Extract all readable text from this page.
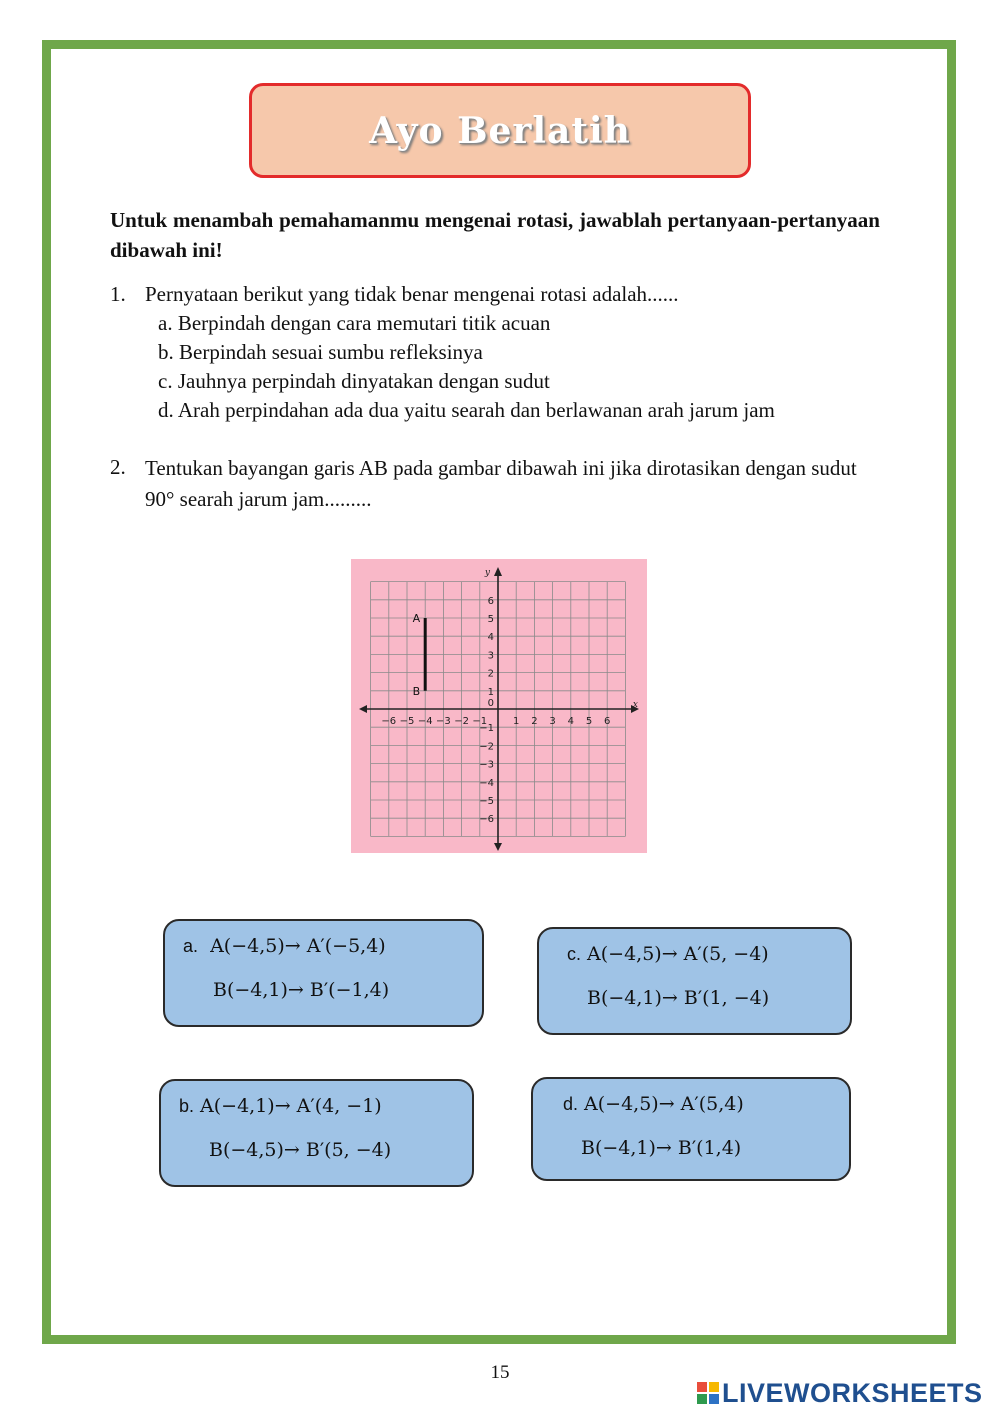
Ayo Berlatih

Untuk menambah pemahamanmu mengenai rotasi, jawablah pertanyaan-pertanyaan dibawah ini!

1. Pernyataan berikut yang tidak benar mengenai rotasi adalah......
a. Berpindah dengan cara memutari titik acuan
b. Berpindah sesuai sumbu refleksinya
c. Jauhnya perpindah dinyatakan dengan sudut
d. Arah perpindahan ada dua yaitu searah dan berlawanan arah jarum jam
2. Tentukan bayangan garis AB pada gambar dibawah ini jika dirotasikan dengan sudut 90° searah jarum jam.........
−6 −5 −4 −3 −2 −1	1 2 3 4 5 6
6
5
4
3
2
1
−1
−2
−3
−4
−5
−6
0	x
y
A
B
a. A(−4,5)→ A′(−5,4)
B(−4,1)→ B′(−1,4)
c. A(−4,5)→ A′(5, −4)
B(−4,1)→ B′(1, −4)
b. A(−4,1)→ A′(4, −1)
B(−4,5)→ B′(5, −4)
d. A(−4,5)→ A′(5,4)
B(−4,1)→ B′(1,4)
15
LIVEWORKSHEETS
